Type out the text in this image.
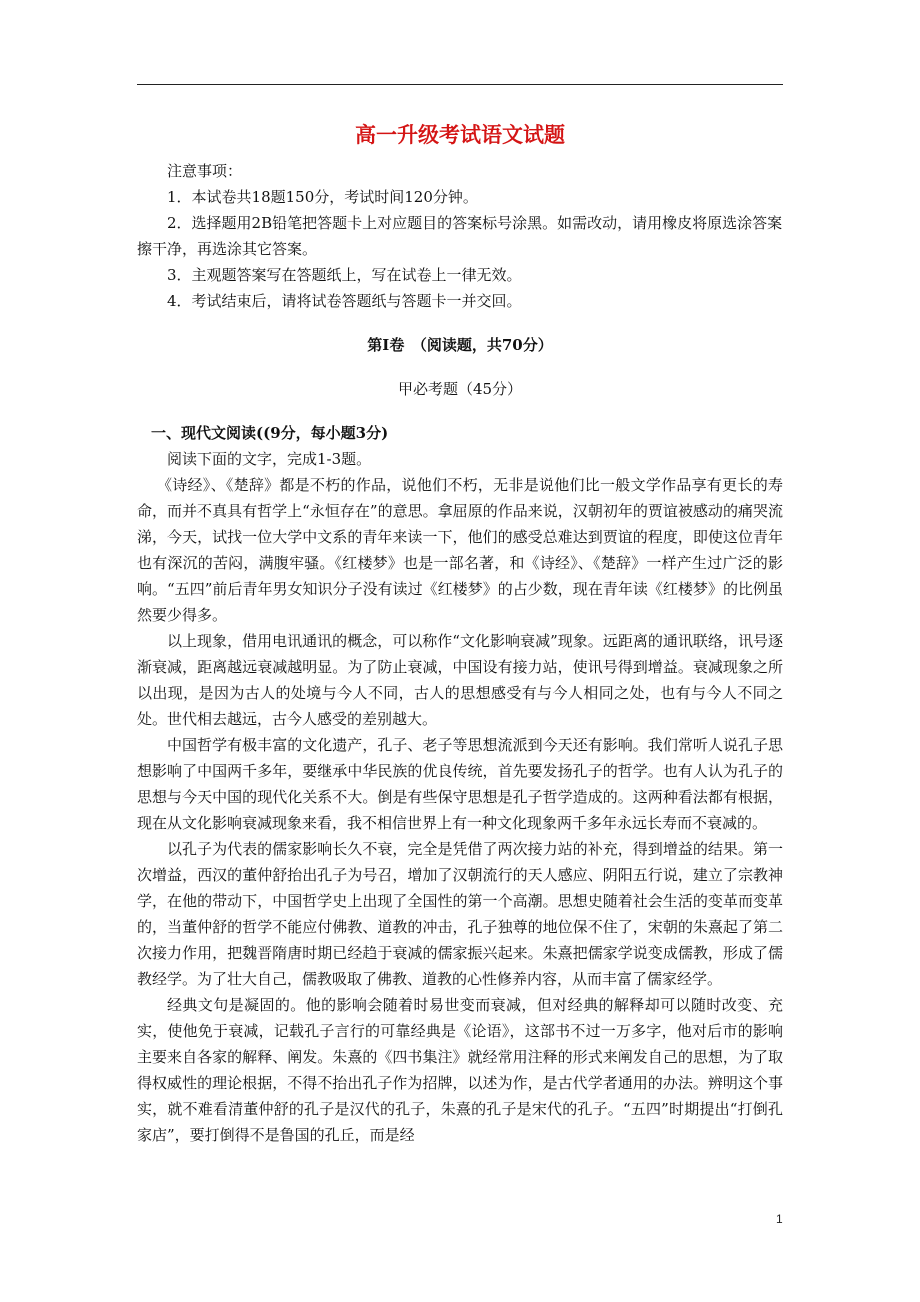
高一升级考试语文试题

注意事项：

1．本试卷共18题150分，考试时间120分钟。

2．选择题用2B铅笔把答题卡上对应题目的答案标号涂黑。如需改动，请用橡皮将原选涂答案擦干净，再选涂其它答案。

3．主观题答案写在答题纸上，写在试卷上一律无效。

4．考试结束后，请将试卷答题纸与答题卡一并交回。

第Ⅰ卷　（阅读题，共70分）

甲必考题（45分）

一、现代文阅读((9分，每小题3分)

阅读下面的文字，完成1-3题。

《诗经》、《楚辞》都是不朽的作品，说他们不朽，无非是说他们比一般文学作品享有更长的寿命，而并不真具有哲学上“永恒存在”的意思。拿屈原的作品来说，汉朝初年的贾谊被感动的痛哭流涕，今天，试找一位大学中文系的青年来读一下，他们的感受总难达到贾谊的程度，即使这位青年也有深沉的苦闷，满腹牢骚。《红楼梦》也是一部名著，和《诗经》、《楚辞》一样产生过广泛的影响。“五四”前后青年男女知识分子没有读过《红楼梦》的占少数，现在青年读《红楼梦》的比例虽然要少得多。

以上现象，借用电讯通讯的概念，可以称作“文化影响衰减”现象。远距离的通讯联络，讯号逐渐衰减，距离越远衰减越明显。为了防止衰减，中国设有接力站，使讯号得到增益。衰减现象之所以出现，是因为古人的处境与今人不同，古人的思想感受有与今人相同之处，也有与今人不同之处。世代相去越远，古今人感受的差别越大。

中国哲学有极丰富的文化遗产，孔子、老子等思想流派到今天还有影响。我们常听人说孔子思想影响了中国两千多年，要继承中华民族的优良传统，首先要发扬孔子的哲学。也有人认为孔子的思想与今天中国的现代化关系不大。倒是有些保守思想是孔子哲学造成的。这两种看法都有根据，现在从文化影响衰减现象来看，我不相信世界上有一种文化现象两千多年永远长寿而不衰减的。

以孔子为代表的儒家影响长久不衰，完全是凭借了两次接力站的补充，得到增益的结果。第一次增益，西汉的董仲舒抬出孔子为号召，增加了汉朝流行的天人感应、阴阳五行说，建立了宗教神学，在他的带动下，中国哲学史上出现了全国性的第一个高潮。思想史随着社会生活的变革而变革的，当董仲舒的哲学不能应付佛教、道教的冲击，孔子独尊的地位保不住了，宋朝的朱熹起了第二次接力作用，把魏晋隋唐时期已经趋于衰减的儒家振兴起来。朱熹把儒家学说变成儒教，形成了儒教经学。为了壮大自己，儒教吸取了佛教、道教的心性修养内容，从而丰富了儒家经学。

经典文句是凝固的。他的影响会随着时易世变而衰减，但对经典的解释却可以随时改变、充实，使他免于衰减，记载孔子言行的可靠经典是《论语》，这部书不过一万多字，他对后市的影响主要来自各家的解释、阐发。朱熹的《四书集注》就经常用注释的形式来阐发自己的思想，为了取得权威性的理论根据，不得不抬出孔子作为招牌，以述为作，是古代学者通用的办法。辨明这个事实，就不难看清董仲舒的孔子是汉代的孔子，朱熹的孔子是宋代的孔子。“五四”时期提出“打倒孔家店”，要打倒得不是鲁国的孔丘，而是经

1
